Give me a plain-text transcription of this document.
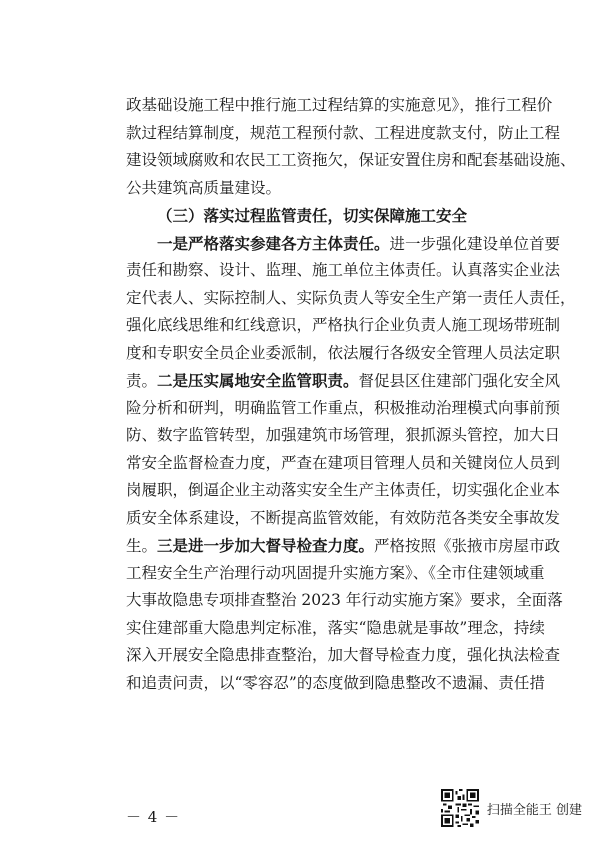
政基础设施工程中推行施工过程结算的实施意见》，推行工程价
款过程结算制度，规范工程预付款、工程进度款支付，防止工程
建设领域腐败和农民工工资拖欠，保证安置住房和配套基础设施、
公共建筑高质量建设。
（三）落实过程监管责任，切实保障施工安全
一是严格落实参建各方主体责任。进一步强化建设单位首要
责任和勘察、设计、监理、施工单位主体责任。认真落实企业法
定代表人、实际控制人、实际负责人等安全生产第一责任人责任，
强化底线思维和红线意识，严格执行企业负责人施工现场带班制
度和专职安全员企业委派制，依法履行各级安全管理人员法定职
责。二是压实属地安全监管职责。督促县区住建部门强化安全风
险分析和研判，明确监管工作重点，积极推动治理模式向事前预
防、数字监管转型，加强建筑市场管理，狠抓源头管控，加大日
常安全监督检查力度，严查在建项目管理人员和关键岗位人员到
岗履职，倒逼企业主动落实安全生产主体责任，切实强化企业本
质安全体系建设，不断提高监管效能，有效防范各类安全事故发
生。三是进一步加大督导检查力度。严格按照《张掖市房屋市政
工程安全生产治理行动巩固提升实施方案》、《全市住建领域重
大事故隐患专项排查整治 2023 年行动实施方案》要求，全面落
实住建部重大隐患判定标准，落实“隐患就是事故”理念，持续
深入开展安全隐患排查整治，加大督导检查力度，强化执法检查
和追责问责，以“零容忍”的态度做到隐患整改不遗漏、责任措
－ 4 －	扫描全能王 创建
